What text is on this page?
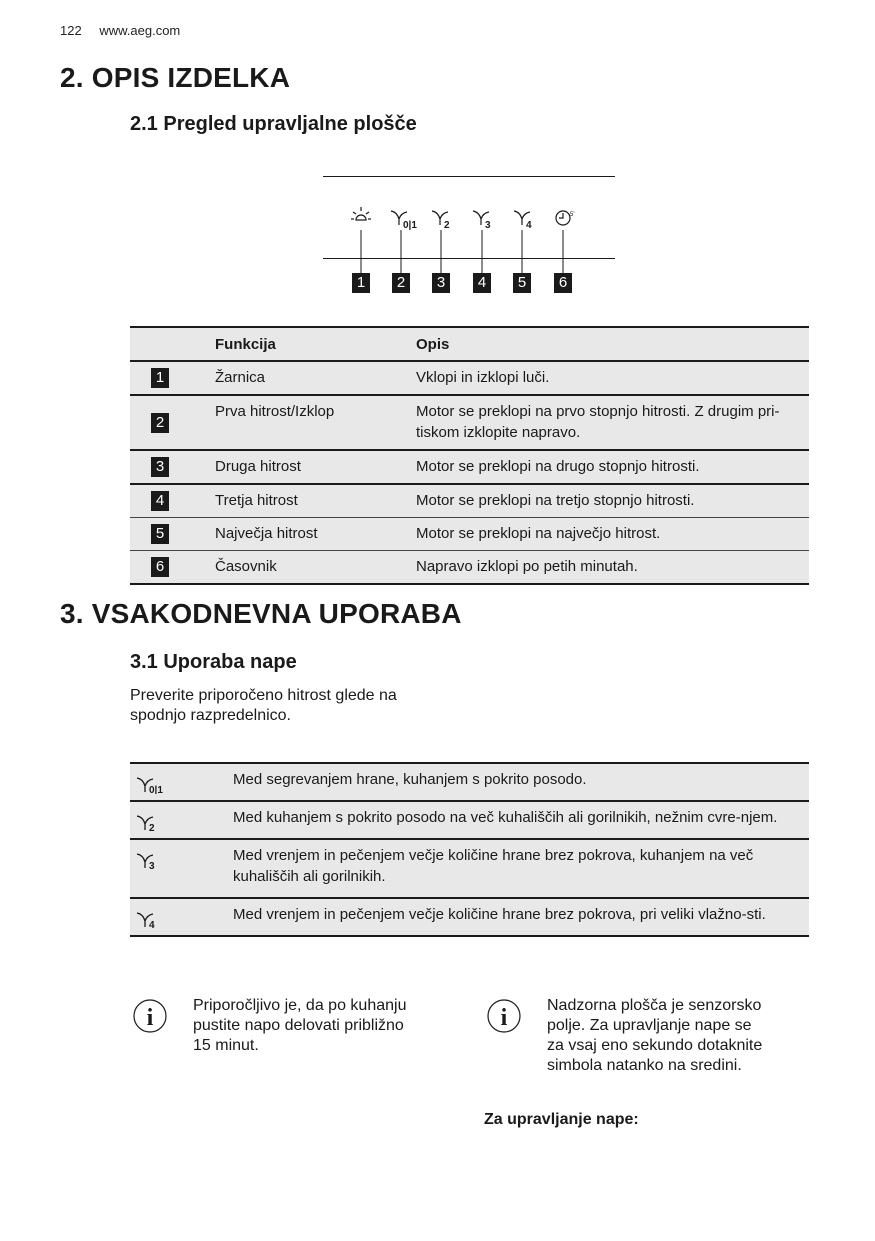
122 www.aeg.com
2. OPIS IZDELKA
2.1 Pregled upravljalne plošče
0|1	2	3	4
5'
1	2	3	4	5	6
	Funkcija	Opis
1	Žarnica	Vklopi in izklopi luči.
2	Prva hitrost/Izklop	Motor se preklopi na prvo stopnjo hitrosti. Z drugim pri-tiskom izklopite napravo.
3	Druga hitrost	Motor se preklopi na drugo stopnjo hitrosti.
4	Tretja hitrost	Motor se preklopi na tretjo stopnjo hitrosti.
5	Največja hitrost	Motor se preklopi na največjo hitrost.
6	Časovnik	Napravo izklopi po petih minutah.
3. VSAKODNEVNA UPORABA
3.1 Uporaba nape

Preverite priporočeno hitrost glede na spodnjo razpredelnico.

0|1	Med segrevanjem hrane, kuhanjem s pokrito posodo.

2	Med kuhanjem s pokrito posodo na več kuhališčih ali gorilnikih, nežnim cvre-njem.

3	Med vrenjem in pečenjem večje količine hrane brez pokrova, kuhanjem na več kuhališčih ali gorilnikih.

4	Med vrenjem in pečenjem večje količine hrane brez pokrova, pri veliki vlažno-sti.
i Priporočljivo je, da po kuhanju pustite napo delovati približno 15 minut.
i Nadzorna plošča je senzorsko polje. Za upravljanje nape se za vsaj eno sekundo dotaknite simbola natanko na sredini.

Za upravljanje nape:
